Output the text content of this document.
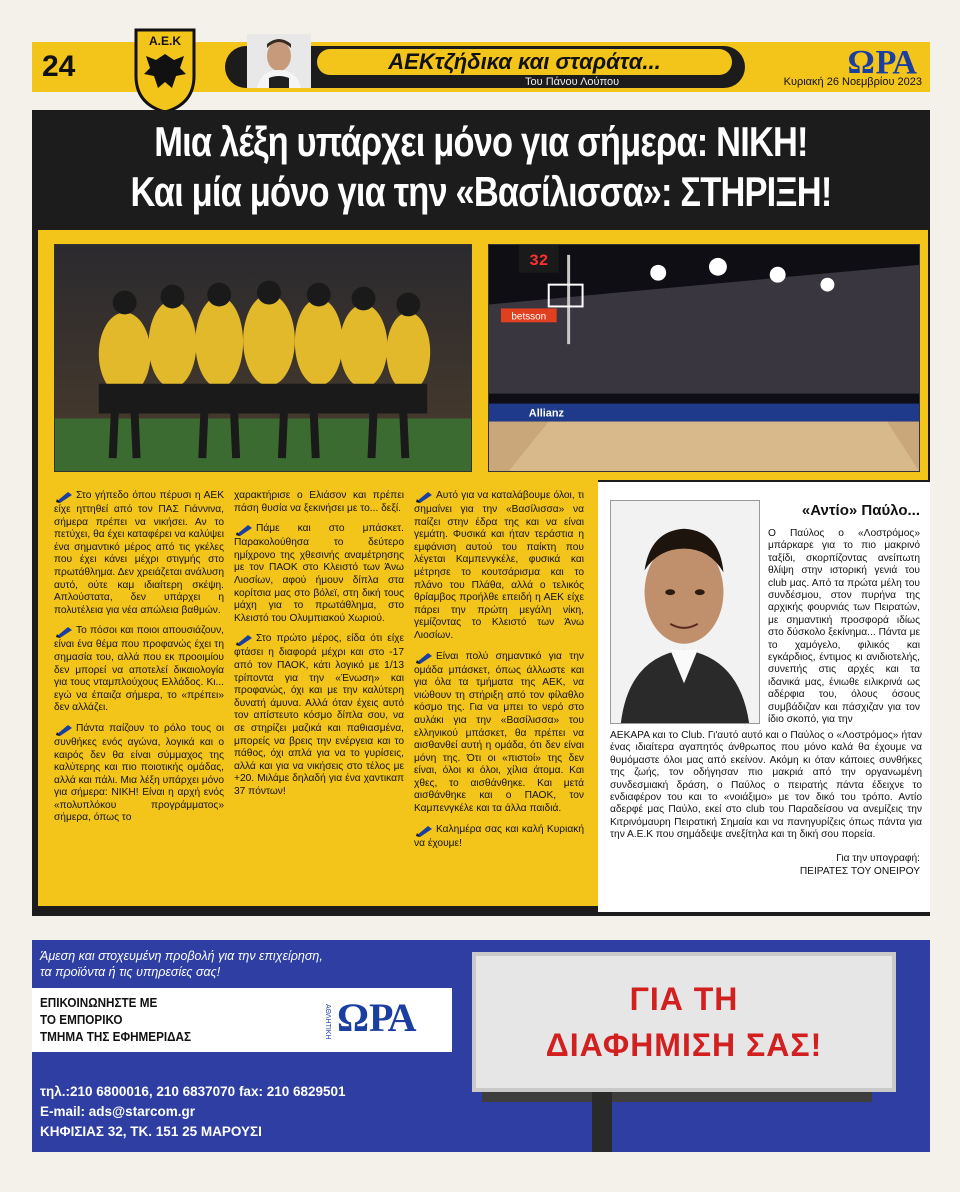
24
Α.Ε.Κ
ΑΕΚτζήδικα και σταράτα...
Του Πάνου Λούπου
ΩΡΑ
Κυριακή 26 Νοεμβρίου 2023
Μια λέξη υπάρχει μόνο για σήμερα: ΝΙΚΗ!
Και μία μόνο για την «Βασίλισσα»: ΣΤΗΡΙΞΗ!
32
betsson
Allianz

Στο γήπεδο όπου πέρυσι η ΑΕΚ είχε ηττηθεί από τον ΠΑΣ Γιάννινα, σήμερα πρέπει να νικήσει. Αν το πετύχει, θα έχει καταφέρει να καλύψει ένα σημαντικό μέρος από τις γκέλες που έχει κάνει μέχρι στιγμής στο πρωτάθλημα. Δεν χρειάζεται ανάλυση αυτό, ούτε καμ ιδιαίτερη σκέψη. Απλούστατα, δεν υπάρχει η πολυτέλεια για νέα απώλεια βαθμών.

Το πόσοι και ποιοι απουσιάζουν, είναι ένα θέμα που προφανώς έχει τη σημασία του, αλλά που εκ προοιμίου δεν μπορεί να αποτελεί δικαιολογία για τους νταμπλούχους Ελλάδος. Κι... εγώ να έπαιζα σήμερα, το «πρέπει» δεν αλλάζει.

Πάντα παίζουν το ρόλο τους οι συνθήκες ενός αγώνα, λογικά και ο καιρός δεν θα είναι σύμμαχος της καλύτερης και πιο ποιοτικής ομάδας, αλλά και πάλι. Μια λέξη υπάρχει μόνο για σήμερα: ΝΙΚΗ! Είναι η αρχή ενός «πολυπλόκου προγράμματος» σήμερα, όπως το

χαρακτήρισε ο Ελιάσον και πρέπει πάση θυσία να ξεκινήσει με το... δεξί.

Πάμε και στο μπάσκετ. Παρακολούθησα το δεύτερο ημίχρονο της χθεσινής αναμέτρησης με τον ΠΑΟΚ στο Κλειστό των Άνω Λιοσίων, αφού ήμουν δίπλα στα κορίτσια μας στο βόλεϊ, στη δική τους μάχη για το πρωτάθλημα, στο Κλειστό του Ολυμπιακού Χωριού.

Στο πρώτο μέρος, είδα ότι είχε φτάσει η διαφορά μέχρι και στο -17 από τον ΠΑΟΚ, κάτι λογικό με 1/13 τρίποντα για την «Ένωση» και προφανώς, όχι και με την καλύτερη δυνατή άμυνα. Αλλά όταν έχεις αυτό τον απίστευτο κόσμο δίπλα σου, να σε στηρίζει μαζικά και παθιασμένα, μπορείς να βρεις την ενέργεια και το πάθος, όχι απλά για να το γυρίσεις, αλλά και για να νικήσεις στο τέλος με +20. Μιλάμε δηλαδή για ένα χαντικαπ 37 πόντων!

Αυτό για να καταλάβουμε όλοι, τι σημαίνει για την «Βασίλισσα» να παίζει στην έδρα της και να είναι γεμάτη. Φυσικά και ήταν τεράστια η εμφάνιση αυτού του παίκτη που λέγεται Καμπενγκέλε, φυσικά και μέτρησε το κουτσάρισμα και το πλάνο του Πλάθα, αλλά ο τελικός θρίαμβος προήλθε επειδή η ΑΕΚ είχε πάρει την πρώτη μεγάλη νίκη, γεμίζοντας το Κλειστό των Άνω Λιοσίων.

Είναι πολύ σημαντικό για την ομάδα μπάσκετ, όπως άλλωστε και για όλα τα τμήματα της ΑΕΚ, να νιώθουν τη στήριξη από τον φίλαθλο κόσμο της. Για να μπει το νερό στο αυλάκι για την «Βασίλισσα» του ελληνικού μπάσκετ, θα πρέπει να αισθανθεί αυτή η ομάδα, ότι δεν είναι μόνη της. Ότι οι «πιστοί» της δεν είναι, όλοι κι όλοι, χίλια άτομα. Και χθες, το αισθάνθηκε. Και μετά αισθάνθηκε και ο ΠΑΟΚ, τον Καμπενγκέλε και τα άλλα παιδιά.

Καλημέρα σας και καλή Κυριακή να έχουμε!

«Αντίο» Παύλο...
Ο Παύλος ο «Λοστρόμος» μπάρκαρε για το πιο μακρινό ταξίδι, σκορπίζοντας ανείπωτη θλίψη στην ιστορική γενιά του club μας. Από τα πρώτα μέλη του συνδέσμου, στον πυρήνα της αρχικής φουρνιάς των Πειρατών, με σημαντική προσφορά ιδίως στο δύσκολο ξεκίνημα... Πάντα με το χαμόγελο, φιλικός και εγκάρδιος, έντιμος κι ανιδιοτελής, συνεπής στις αρχές και τα ιδανικά μας, ένιωθε ειλικρινά ως αδέρφια του, όλους όσους συμβάδιζαν και πάσχιζαν για τον ίδιο σκοπό, για την
ΑΕΚΑΡΑ και το Club. Γι'αυτό αυτό και ο Παύλος ο «Λοστρόμος» ήταν ένας ιδιαίτερα αγαπητός άνθρωπος που μόνο καλά θα έχουμε να θυμόμαστε όλοι μας από εκείνον. Ακόμη κι όταν κάποιες συνθήκες της ζωής, τον οδήγησαν πιο μακριά από την οργανωμένη συνδεσμιακή δράση, ο Παύλος ο πειρατής πάντα έδειχνε το ενδιαφέρον του και το «νοιάξιμο» με τον δικό του τρόπο. Αντίο αδερφέ μας Παύλο, εκεί στο club του Παραδείσου να ανεμίζεις την Κιτρινόμαυρη Πειρατική Σημαία και να πανηγυρίζεις όπως πάντα για την Α.Ε.Κ που σημάδεψε ανεξίτηλα και τη δική σου πορεία.
Για την υπογραφή:
ΠΕΙΡΑΤΕΣ ΤΟΥ ΟΝΕΙΡΟΥ
Άμεση και στοχευμένη προβολή για την επιχείρηση,
τα προϊόντα ή τις υπηρεσίες σας!
ΕΠΙΚΟΙΝΩΝΗΣΤΕ ΜΕ
ΤΟ ΕΜΠΟΡΙΚΟ
ΤΜΗΜΑ ΤΗΣ ΕΦΗΜΕΡΙΔΑΣ	ΑΘΛΗΤΙΚΗ ΩΡΑ
τηλ.:210 6800016, 210 6837070 fax: 210 6829501
E-mail: ads@starcom.gr
ΚΗΦΙΣΙΑΣ 32, ΤΚ. 151 25 ΜΑΡΟΥΣΙ
ΓΙΑ ΤΗ
ΔΙΑΦΗΜΙΣΗ ΣΑΣ!
